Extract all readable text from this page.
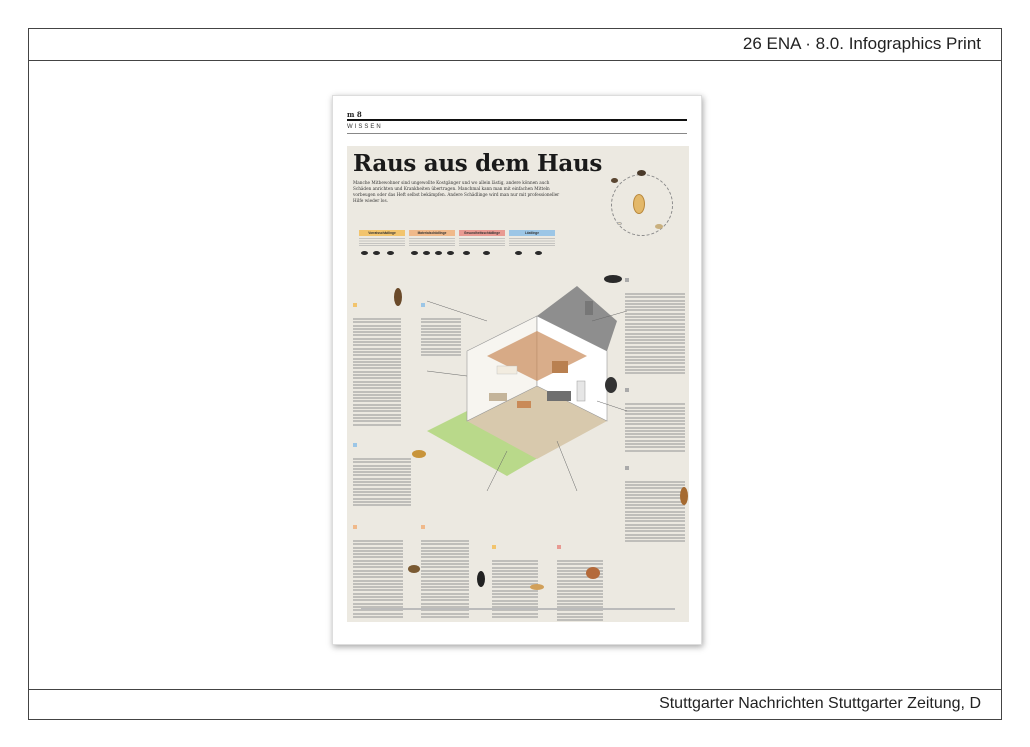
26 ENA · 8.0. Infographics Print
Stuttgarter Nachrichten Stuttgarter Zeitung, D
m 8
WISSEN
Raus aus dem Haus
Manche Mitbewohner sind ungewollte Kostgänger und wo allein lästig, andere können auch Schäden anrichten und Krankheiten übertragen. Manchmal kann man mit einfachen Mitteln vorbeugen oder das Heft selbst bekämpfen. Andere Schädlinge wird man nur mit professioneller Hilfe wieder los.
Vorratsschädlinge	Materialschädlinge	Gesundheitsschädlinge	Lästlinge
